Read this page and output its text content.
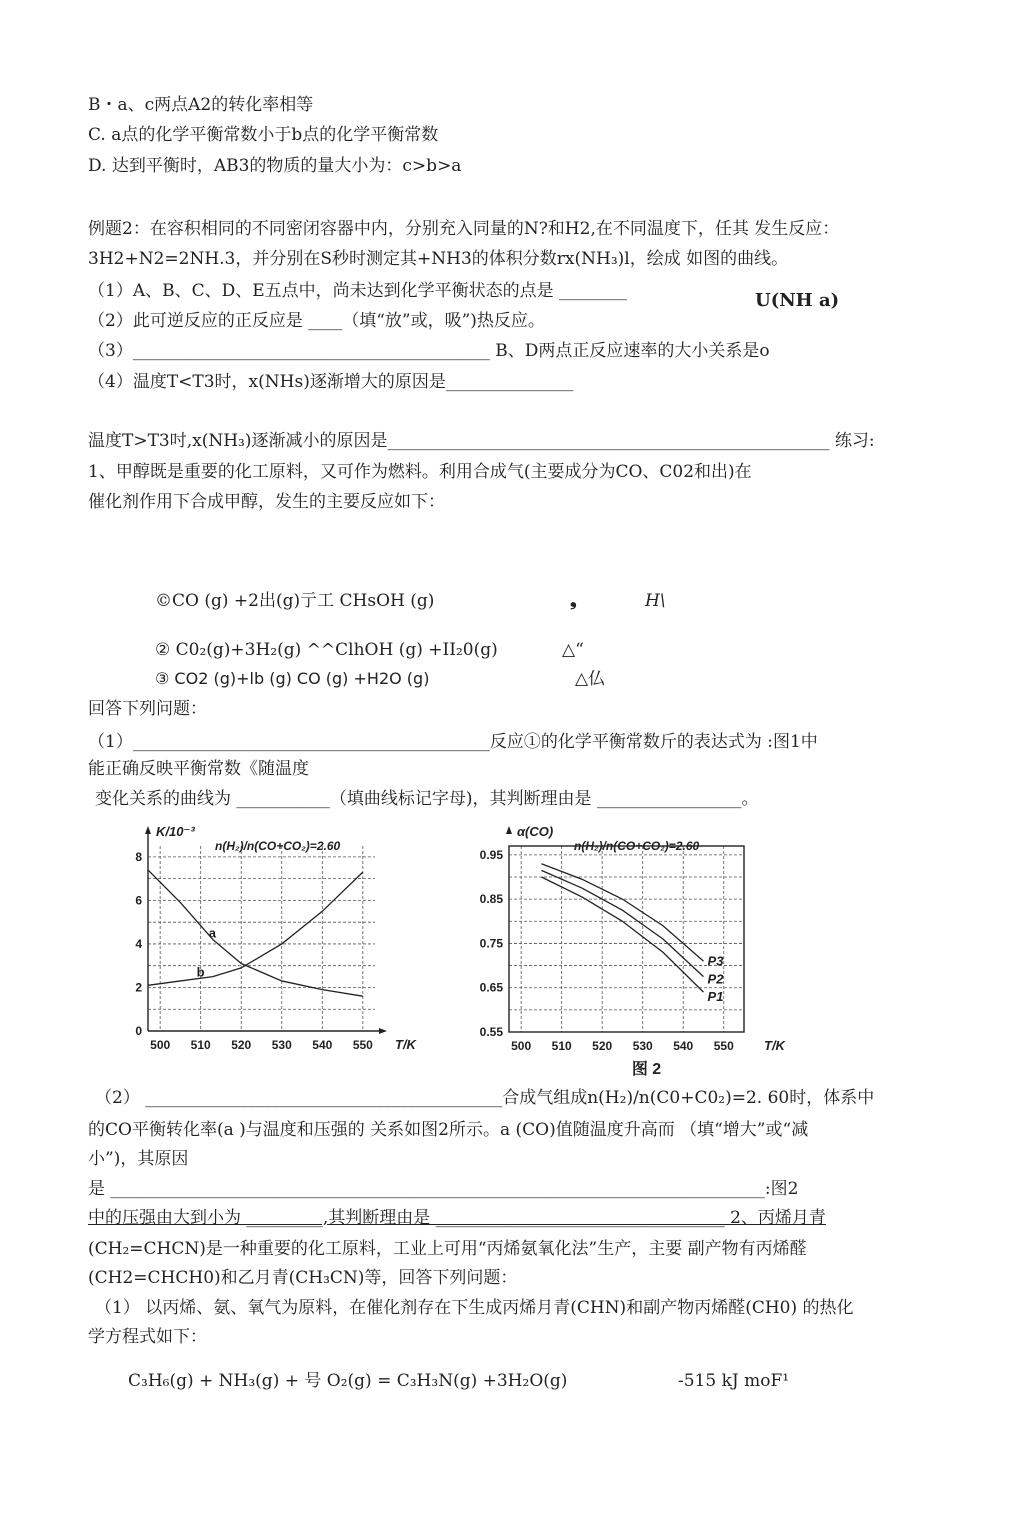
B・a、c两点A2的转化率相等
C. a点的化学平衡常数小于b点的化学平衡常数
D. 达到平衡时，AB3的物质的量大小为：c>b>a
例题2：在容积相同的不同密闭容器中内，分别充入同量的N?和H2,在不同温度下，任其 发生反应：
3H2+N2=2NH.3，并分别在S秒时测定其+NH3的体积分数rx(NH₃)l，绘成 如图的曲线。
（1）A、B、C、D、E五点中，尚未达到化学平衡状态的点是 ________	U(NH a)
（2）此可逆反应的正反应是 ____（填“放”或，吸”)热反应。
（3）__________________________________________ B、D两点正反应速率的大小关系是o
（4）温度T<T3时，x(NHs)逐渐增大的原因是_______________
温度T>T3吋,x(NH₃)逐渐减小的原因是____________________________________________________ 练习:
1、甲醇既是重要的化工原料，又可作为燃料。利用合成气(主要成分为CO、C02和出)在
催化剂作用下合成甲醇，发生的主要反应如下：
©CO (g) +2出(g)亍工 CHsOH (g)	❟	H\
② C0₂(g)+3H₂(g) ^^ClhOH (g) +II₂0(g)	△“
③ CO2 (g)+lb (g) CO (g) +H2O (g)	△仏
回答下列问题：
（1）__________________________________________反应①的化学平衡常数斤的表达式为 :图1中
能正确反映平衡常数《随温度
变化关系的曲线为 ___________（填曲线标记字母)，其判断理由是 _________________。
500 510 520 530 540 550
0
2
4
6
8
a
b
K/10⁻³
T/K
n(H₂)/n(CO+CO₂)=2.60
500 510 520 530 540 550
0.55
0.65
0.75
0.85
0.95
P3
P2
P1
α(CO)
T/K
n(H₂)/n(CO+CO₂)=2.60
图 2
（2） __________________________________________合成气组成n(H₂)/n(C0+C0₂)=2. 60时，体系中
的CO平衡转化率(a )与温度和压强的 关系如图2所示。a (CO)值随温度升高而 （填“增大”或“减
小”)，其原因
是 _____________________________________________________________________________:图2
中的压强由大到小为 _________,其判断理由是 __________________________________ 2、丙烯月青
(CH₂=CHCN)是一种重要的化工原料，工业上可用“丙烯氨氧化法”生产，主要 副产物有丙烯醛
(CH2=CHCH0)和乙月青(CH₃CN)等，回答下列问题：
（1） 以丙烯、氨、氧气为原料，在催化剂存在下生成丙烯月青(CHN)和副产物丙烯醛(CH0) 的热化
学方程式如下：
C₃H₆(g) + NH₃(g) + 号 O₂(g) = C₃H₃N(g) +3H₂O(g)	-515 kJ moF¹
